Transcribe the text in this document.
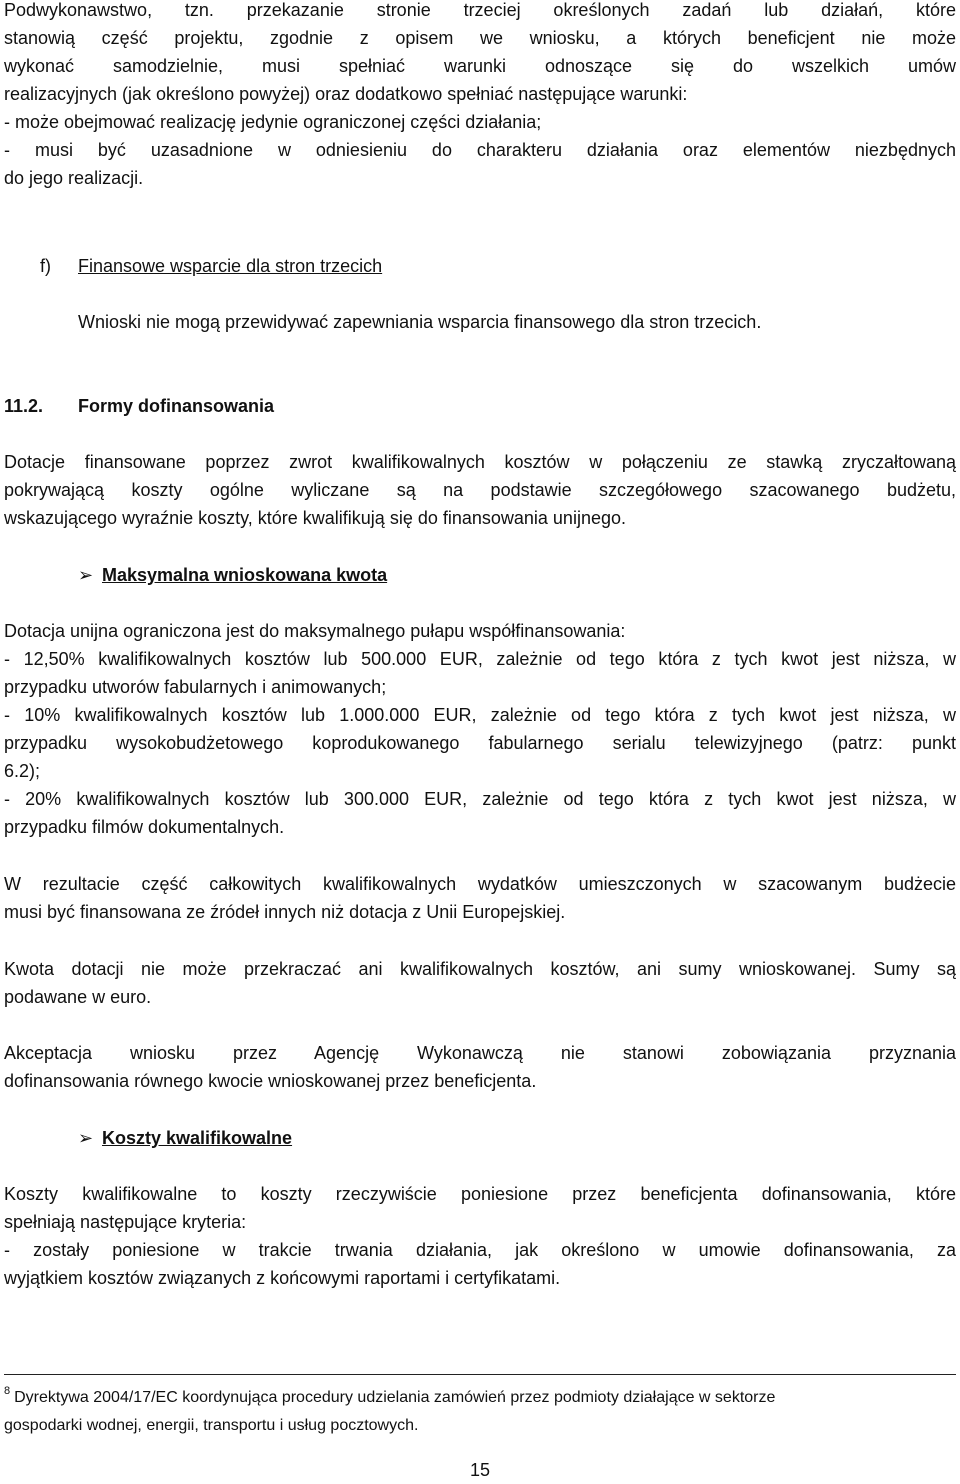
Podwykonawstwo, tzn. przekazanie stronie trzeciej określonych zadań lub działań, które
stanowią część projektu, zgodnie z opisem we wniosku, a których beneficjent nie może
wykonać samodzielnie, musi spełniać warunki odnoszące się do wszelkich umów
realizacyjnych (jak określono powyżej) oraz dodatkowo spełniać następujące warunki:
- może obejmować realizację jedynie ograniczonej części działania;
- musi być uzasadnione w odniesieniu do charakteru działania oraz elementów niezbędnych
do jego realizacji.

f) Finansowe wsparcie dla stron trzecich

Wnioski nie mogą przewidywać zapewniania wsparcia finansowego dla stron trzecich.

11.2. Formy dofinansowania

Dotacje finansowane poprzez zwrot kwalifikowalnych kosztów w połączeniu ze stawką zryczałtowaną
pokrywającą koszty ogólne wyliczane są na podstawie szczegółowego szacowanego budżetu,
wskazującego wyraźnie koszty, które kwalifikują się do finansowania unijnego.

➢ Maksymalna wnioskowana kwota

Dotacja unijna ograniczona jest do maksymalnego pułapu współfinansowania:
- 12,50% kwalifikowalnych kosztów lub 500.000 EUR, zależnie od tego która z tych kwot jest niższa, w
przypadku utworów fabularnych i animowanych;
- 10% kwalifikowalnych kosztów lub 1.000.000 EUR, zależnie od tego która z tych kwot jest niższa, w
przypadku wysokobudżetowego koprodukowanego fabularnego serialu telewizyjnego (patrz: punkt
6.2);
- 20% kwalifikowalnych kosztów lub 300.000 EUR, zależnie od tego która z tych kwot jest niższa, w
przypadku filmów dokumentalnych.
W rezultacie część całkowitych kwalifikowalnych wydatków umieszczonych w szacowanym budżecie
musi być finansowana ze źródeł innych niż dotacja z Unii Europejskiej.
Kwota dotacji nie może przekraczać ani kwalifikowalnych kosztów, ani sumy wnioskowanej. Sumy są
podawane w euro.
Akceptacja wniosku przez Agencję Wykonawczą nie stanowi zobowiązania przyznania
dofinansowania równego kwocie wnioskowanej przez beneficjenta.

➢ Koszty kwalifikowalne

Koszty kwalifikowalne to koszty rzeczywiście poniesione przez beneficjenta dofinansowania, które
spełniają następujące kryteria:
- zostały poniesione w trakcie trwania działania, jak określono w umowie dofinansowania, za
wyjątkiem kosztów związanych z końcowymi raportami i certyfikatami.
$^8$ Dyrektywa 2004/17/EC koordynująca procedury udzielania zamówień przez podmioty działające w sektorze
gospodarki wodnej, energii, transportu i usług pocztowych.

15
